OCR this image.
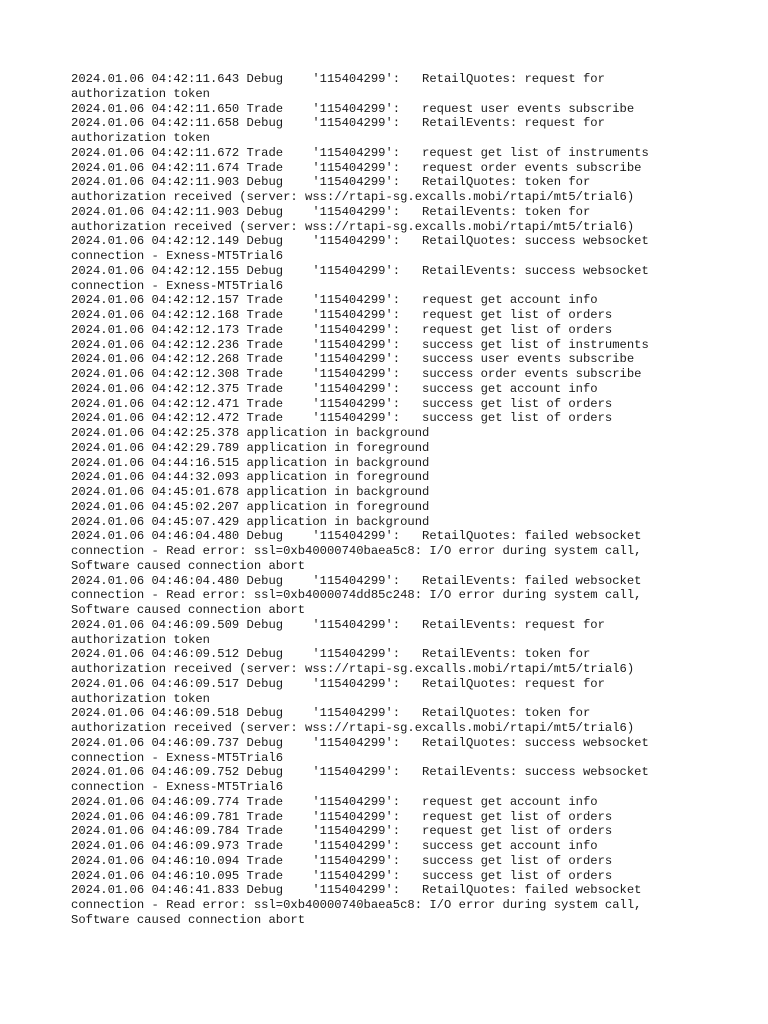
2024.01.06 04:42:11.643 Debug    '115404299':   RetailQuotes: request for
authorization token
2024.01.06 04:42:11.650 Trade    '115404299':   request user events subscribe
2024.01.06 04:42:11.658 Debug    '115404299':   RetailEvents: request for
authorization token
2024.01.06 04:42:11.672 Trade    '115404299':   request get list of instruments
2024.01.06 04:42:11.674 Trade    '115404299':   request order events subscribe
2024.01.06 04:42:11.903 Debug    '115404299':   RetailQuotes: token for
authorization received (server: wss://rtapi-sg.excalls.mobi/rtapi/mt5/trial6)
2024.01.06 04:42:11.903 Debug    '115404299':   RetailEvents: token for
authorization received (server: wss://rtapi-sg.excalls.mobi/rtapi/mt5/trial6)
2024.01.06 04:42:12.149 Debug    '115404299':   RetailQuotes: success websocket
connection - Exness-MT5Trial6
2024.01.06 04:42:12.155 Debug    '115404299':   RetailEvents: success websocket
connection - Exness-MT5Trial6
2024.01.06 04:42:12.157 Trade    '115404299':   request get account info
2024.01.06 04:42:12.168 Trade    '115404299':   request get list of orders
2024.01.06 04:42:12.173 Trade    '115404299':   request get list of orders
2024.01.06 04:42:12.236 Trade    '115404299':   success get list of instruments
2024.01.06 04:42:12.268 Trade    '115404299':   success user events subscribe
2024.01.06 04:42:12.308 Trade    '115404299':   success order events subscribe
2024.01.06 04:42:12.375 Trade    '115404299':   success get account info
2024.01.06 04:42:12.471 Trade    '115404299':   success get list of orders
2024.01.06 04:42:12.472 Trade    '115404299':   success get list of orders
2024.01.06 04:42:25.378 application in background
2024.01.06 04:42:29.789 application in foreground
2024.01.06 04:44:16.515 application in background
2024.01.06 04:44:32.093 application in foreground
2024.01.06 04:45:01.678 application in background
2024.01.06 04:45:02.207 application in foreground
2024.01.06 04:45:07.429 application in background
2024.01.06 04:46:04.480 Debug    '115404299':   RetailQuotes: failed websocket
connection - Read error: ssl=0xb40000740baea5c8: I/O error during system call,
Software caused connection abort
2024.01.06 04:46:04.480 Debug    '115404299':   RetailEvents: failed websocket
connection - Read error: ssl=0xb4000074dd85c248: I/O error during system call,
Software caused connection abort
2024.01.06 04:46:09.509 Debug    '115404299':   RetailEvents: request for
authorization token
2024.01.06 04:46:09.512 Debug    '115404299':   RetailEvents: token for
authorization received (server: wss://rtapi-sg.excalls.mobi/rtapi/mt5/trial6)
2024.01.06 04:46:09.517 Debug    '115404299':   RetailQuotes: request for
authorization token
2024.01.06 04:46:09.518 Debug    '115404299':   RetailQuotes: token for
authorization received (server: wss://rtapi-sg.excalls.mobi/rtapi/mt5/trial6)
2024.01.06 04:46:09.737 Debug    '115404299':   RetailQuotes: success websocket
connection - Exness-MT5Trial6
2024.01.06 04:46:09.752 Debug    '115404299':   RetailEvents: success websocket
connection - Exness-MT5Trial6
2024.01.06 04:46:09.774 Trade    '115404299':   request get account info
2024.01.06 04:46:09.781 Trade    '115404299':   request get list of orders
2024.01.06 04:46:09.784 Trade    '115404299':   request get list of orders
2024.01.06 04:46:09.973 Trade    '115404299':   success get account info
2024.01.06 04:46:10.094 Trade    '115404299':   success get list of orders
2024.01.06 04:46:10.095 Trade    '115404299':   success get list of orders
2024.01.06 04:46:41.833 Debug    '115404299':   RetailQuotes: failed websocket
connection - Read error: ssl=0xb40000740baea5c8: I/O error during system call,
Software caused connection abort
